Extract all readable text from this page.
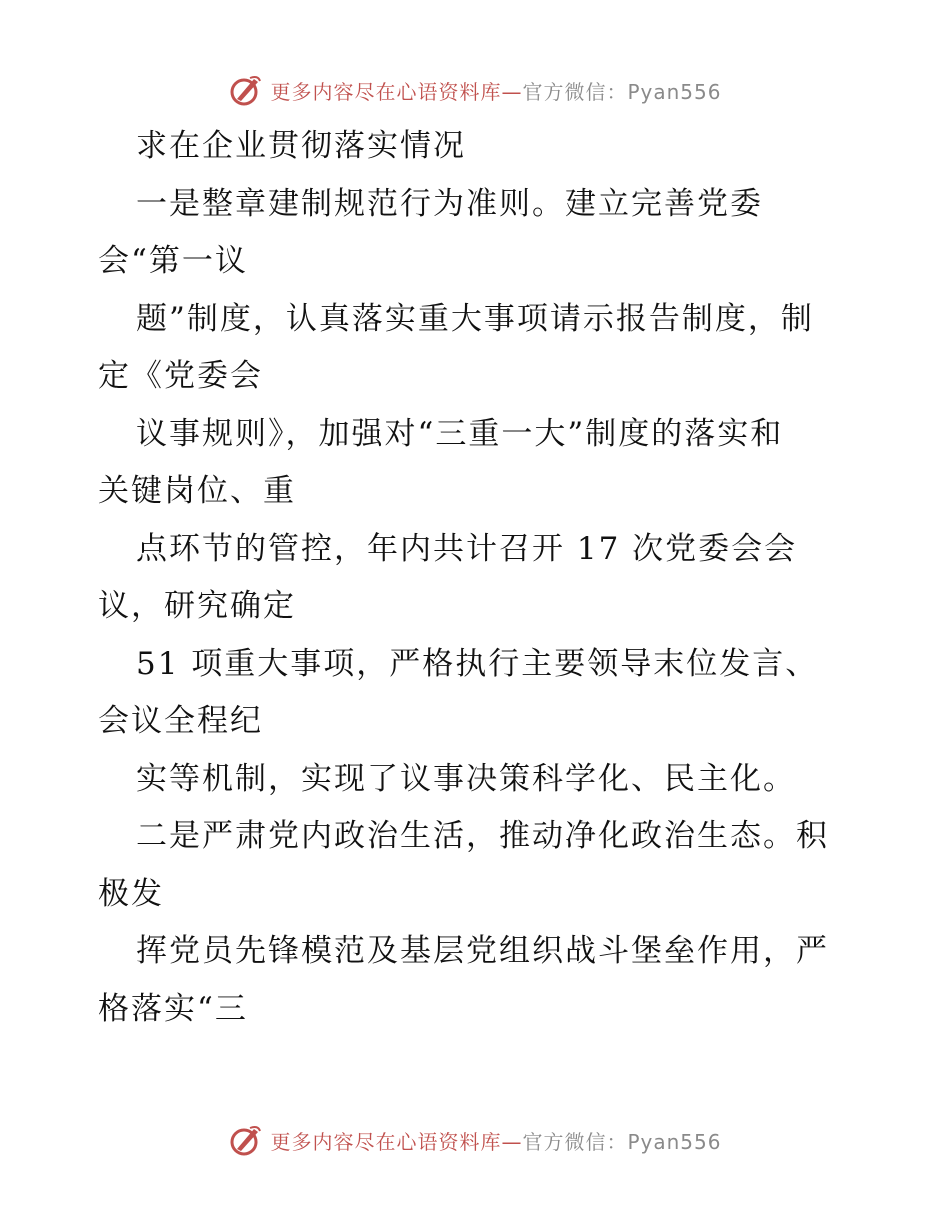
更多内容尽在心语资料库—官方微信：Pyan556
求在企业贯彻落实情况
一是整章建制规范行为准则。建立完善党委
会“第一议
题”制度，认真落实重大事项请示报告制度，制
定《党委会
议事规则》，加强对“三重一大”制度的落实和
关键岗位、重
点环节的管控，年内共计召开 17 次党委会会
议，研究确定
51 项重大事项，严格执行主要领导末位发言、
会议全程纪
实等机制，实现了议事决策科学化、民主化。
二是严肃党内政治生活，推动净化政治生态。积
极发
挥党员先锋模范及基层党组织战斗堡垒作用，严
格落实“三
更多内容尽在心语资料库—官方微信：Pyan556
